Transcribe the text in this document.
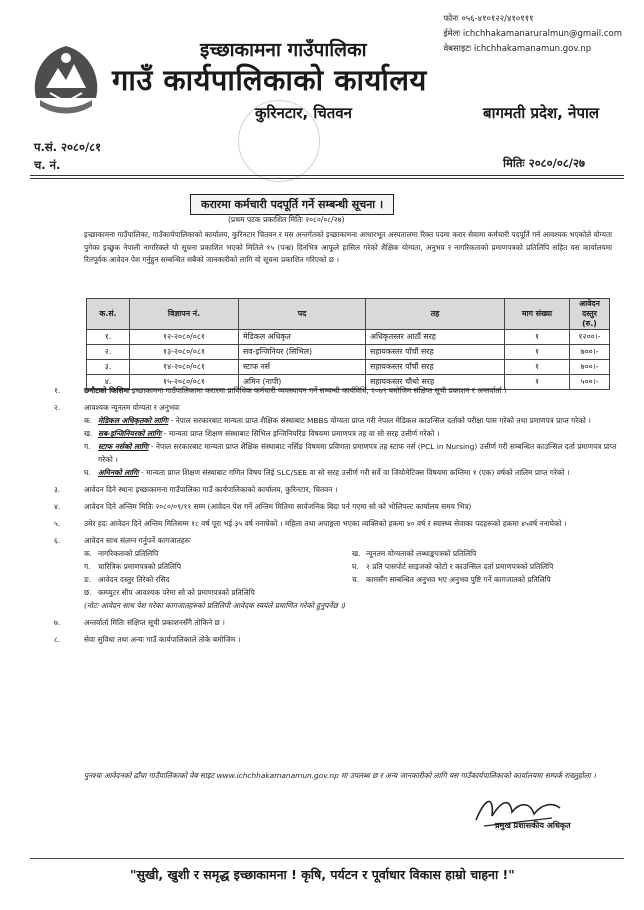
फोनः ०५६-४१०१२२/४१०१११
ईमेलः ichchhakamanaruralmun@gmail.com
वेबसाइटः ichchhakamanamun.gov.np
इच्छाकामना गाउँपालिका
गाउँ कार्यपालिकाको कार्यालय
कुरिनटार, चितवन	बागमती प्रदेश, नेपाल
प.सं. २०८०/८१
च. नं.	मितिः २०८०/०८/२७
करारमा कर्मचारी पदपूर्ति गर्ने सम्बन्धी सूचना ।
(प्रथम पटक प्रकाशित मितिः २०८०/०८/२७)
इच्छाकामना गाउँपालिका, गाउँकार्यपालिकाको कार्यालय, कुरिनटार चितवन र यस अन्तर्गतको इच्छाकामना आधारभूत अस्पतालमा रिक्त पदमा करार सेवामा कर्मचारी पदपूर्ति गर्न आवश्यक भएकोले योग्यता पुगेका इच्छुक नेपाली नागरिकले यो सूचना प्रकाशित भएको मितिले १५ (पन्ध्र) दिनभित्र आफूले हासिल गरेको शैक्षिक योग्यता, अनुभव र नागरिकताको प्रमाणपत्रको प्रतिलिपि सहित यस कार्यालयमा रितपूर्वक आवेदन पेश गर्नुहुन सम्बन्धित सबैको जानकारीको लागि यो सूचना प्रकाशित गरिएको छ ।
क.सं.	विज्ञापन नं.	पद	तह	माग संख्या	आवेदन दस्तुर (रु.)
१.	१२-२०८०/०८१	मेडिकल अधिकृत	अधिकृतस्तर आठौं सरह	१	१२००।-
२.	१३-२०८०/०८१	सव-इन्जिनियर (सिभिल)	सहायकस्तर पाँचौं सरह	१	७००।-
३.	१४-२०८०/०८१	स्टाफ नर्स	सहायकस्तर पाँचौं सरह	१	७००।-
४.	१५-२०८०/०८१	अमिन (नापी)	सहायकस्तर चौथो सरह	१	५००।-
१.	छनौटको किसिमः इच्छाकामना गाउँपालिकामा करारमा प्राविधिक कर्मचारी व्यवस्थापन गर्ने सम्बन्धी कार्यविधि, २०७९ बमोजिम संक्षिप्त सूची प्रकाशन र अन्तर्वार्ता ।
२.	आवश्यक न्यूनतम योग्यता र अनुभवः
क. मेडिकल अधिकृतको लागिः - नेपाल सरकारबाट मान्यता प्राप्त शैक्षिक संस्थाबाट MBBS योग्यता प्राप्त गरी नेपाल मेडिकल काउन्सिल दर्ताको परीक्षा पास गरेको तथा प्रमाणपत्र प्राप्त गरेको ।
ख. सब-इन्जिनियरको लागिः - मान्यता प्राप्त शिक्षण संस्थाबाट सिभिल इन्जिनियरिङ विषयमा प्रमाणपत्र तह वा सो सरह उत्तीर्ण गरेको ।
ग. स्टाफ नर्सको लागिः - नेपाल सरकारबाट मान्यता प्राप्त शैक्षिक संस्थाबाट नर्सिङ विषयमा प्रविणता प्रमाणपत्र तह स्टाफ नर्स (PCL in Nursing) उत्तीर्ण गरी सम्बन्धित काउन्सिल दर्ता प्रमाणपत्र प्राप्त गरेको ।
घ. अमिनको लागिः - मान्यता प्राप्त शिक्षण संस्थाबाट गणित विषय लिई SLC/SEE वा सो सरह उत्तीर्ण गरी सर्वे वा जियोमेटिक्स विषयमा कम्तिमा १ (एक) वर्षको तालिम प्राप्त गरेको ।
३.	आवेदन दिने स्थानः इच्छाकामना गाउँपालिका गाउँ कार्यपालिकाको कार्यालय, कुरिनटार, चितवन ।
४.	आवेदन दिने अन्तिम मितिः २०८०/०९/११ सम्म (आवेदन पेश गर्ने अन्तिम मितिमा सार्वजनिक बिदा पर्न गएमा सो को भोलिपल्ट कार्यालय समय भित्र)
५.	उमेर हदः आवेदन दिने अन्तिम मितिसम्म १८ वर्ष पूरा भई ३५ वर्ष ननाघेको । महिला तथा अपाङ्गता भएका व्यक्तिको हकमा ४० वर्ष र स्वास्थ्य सेवाका पदहरूको हकमा ४५वर्ष ननाघेको ।
६.	आवेदन साथ संलग्न गर्नुपर्ने कागजातहरुः
क. नागरिकताको प्रतिलिपि	ख. न्यूनतम योग्यताको लब्धाङ्कपत्रको प्रतिलिपि
ग. चारित्रिक प्रमाणपत्रको प्रतिलिपि	घ. २ प्रति पासपोर्ट साइजको फोटो र काउन्सिल दर्ता प्रमाणपत्रको प्रतिलिपि
ङ. आवेदन दस्तुर तिरेको रसिद	च. कामसँग सम्बन्धित अनुभव भए अनुभव पुष्टि गर्ने कागजातको प्रतिलिपि
छ. कम्प्युटर सीप आवश्यक परेमा सो को प्रमाणपत्रको प्रतिलिपि
(नोटः आवेदन साथ पेश गरेका कागजातहरुको प्रतिलिपी आवेदक स्वयंले प्रमाणित गरेको हुनुपर्नेछ ।)
७.	अन्तर्वार्ता मितिः संक्षिप्त सूची प्रकाशनसँगै तोकिने छ ।
८.	सेवा सुविधा तथा अन्यः गाउँ कार्यपालिकाले तोके बमोजिम ।
पुनश्चः आवेदनको ढाँचा गाउँपालिकाको वेब साइट www.ichchhakamanamun.gov.np मा उपलब्ध छ र अन्य जानकारीको लागि यस गाउँकार्यपालिकाको कार्यालयमा सम्पर्क राख्नुहोला ।
प्रमुख प्रशासकीय अधिकृत
"सुखी, खुशी र समृद्ध इच्छाकामना ! कृषि, पर्यटन र पूर्वाधार विकास हाम्रो चाहना !"
